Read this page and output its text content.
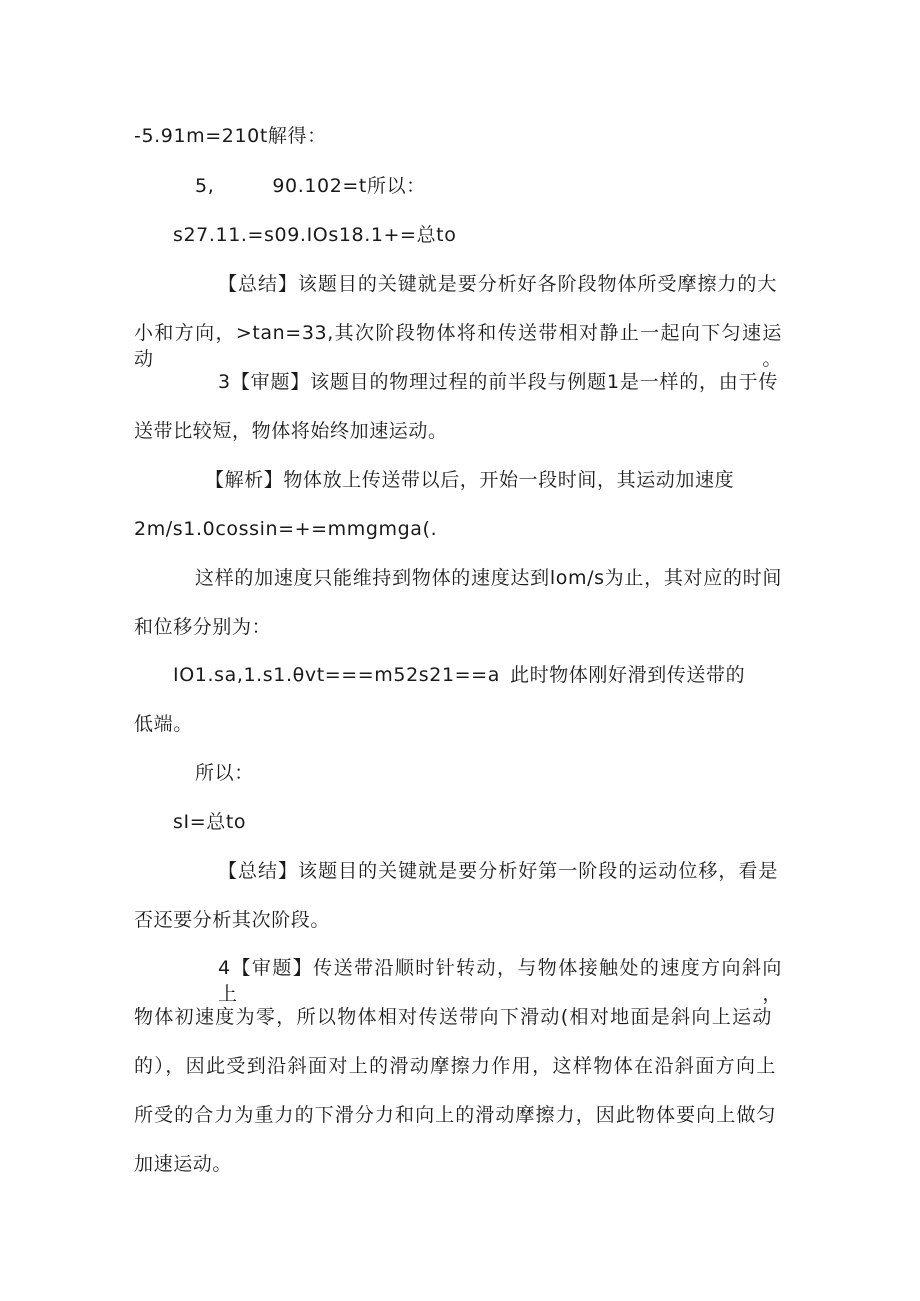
-5.91m=210t解得：
5,	90.102=t所以：
s27.11.=s09.IOs18.1+=总to
【总结】该题目的关键就是要分析好各阶段物体所受摩擦力的大
小和方向，>tan=33,其次阶段物体将和传送带相对静止一起向下匀速运动。
3【审题】该题目的物理过程的前半段与例题1是一样的，由于传
送带比较短，物体将始终加速运动。
【解析】物体放上传送带以后，开始一段时间，其运动加速度
2m∕s1.0cossin=+=mmgmga(.
这样的加速度只能维持到物体的速度达到lom/s为止，其对应的时间
和位移分别为：
IO1.sa,1.s1.θvt===m52s21==a 此时物体刚好滑到传送带的
低端。
所以：
sI=总to
【总结】该题目的关键就是要分析好第一阶段的运动位移，看是
否还要分析其次阶段。
4【审题】传送带沿顺时针转动，与物体接触处的速度方向斜向上，
物体初速度为零，所以物体相对传送带向下滑动(相对地面是斜向上运动
的），因此受到沿斜面对上的滑动摩擦力作用，这样物体在沿斜面方向上
所受的合力为重力的下滑分力和向上的滑动摩擦力，因此物体要向上做匀
加速运动。
